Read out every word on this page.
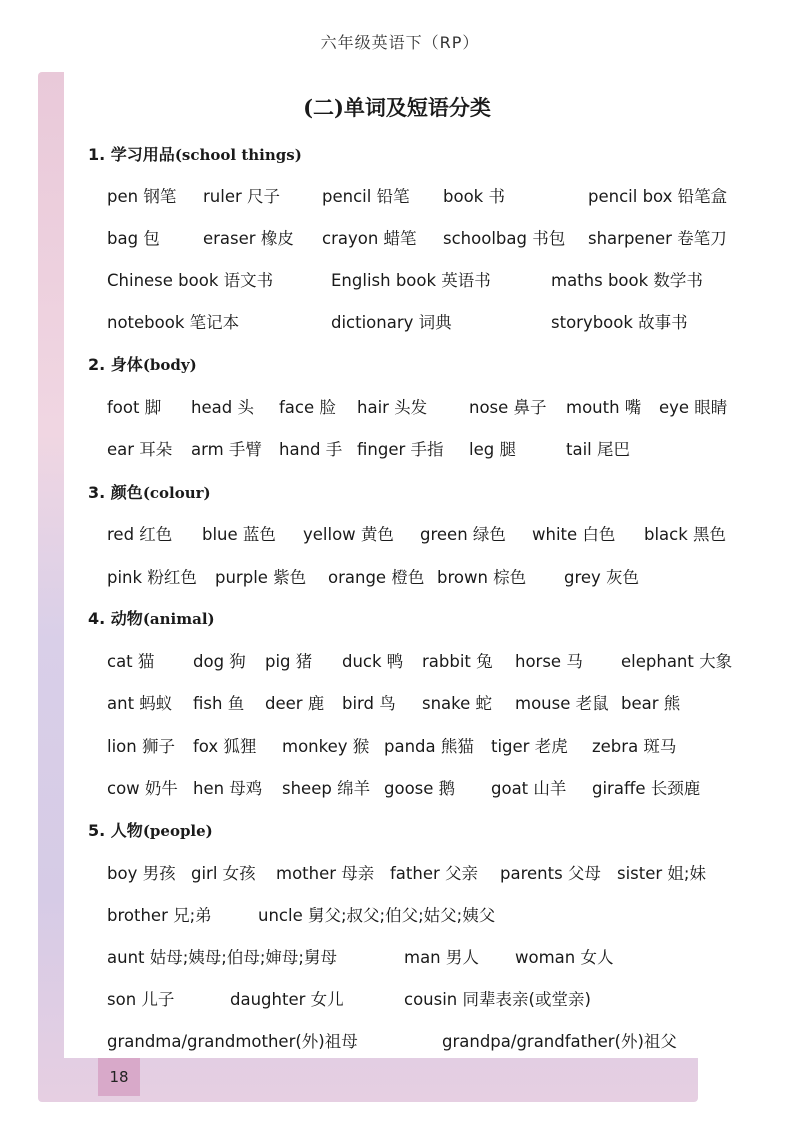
六年级英语下（RP）
18
(二)单词及短语分类
1. 学习用品(school things)
pen 钢笔 ruler 尺子	pencil 铅笔 book 书	pencil box 铅笔盒
bag 包	eraser 橡皮 crayon 蜡笔 schoolbag 书包 sharpener 卷笔刀
Chinese book 语文书	English book 英语书	maths book 数学书
notebook 笔记本	dictionary 词典	storybook 故事书
2. 身体(body)
foot 脚 head 头 face 脸 hair 头发	nose 鼻子 mouth 嘴 eye 眼睛
ear 耳朵 arm 手臂 hand 手 finger 手指 leg 腿	tail 尾巴
3. 颜色(colour)
red 红色 blue 蓝色 yellow 黄色 green 绿色 white 白色 black 黑色
pink 粉红色 purple 紫色 orange 橙色 brown 棕色 grey 灰色
4. 动物(animal)
cat 猫 dog 狗 pig 猪 duck 鸭 rabbit 兔 horse 马 elephant 大象
ant 蚂蚁 fish 鱼 deer 鹿 bird 鸟 snake 蛇 mouse 老鼠 bear 熊
lion 狮子 fox 狐狸 monkey 猴 panda 熊猫 tiger 老虎 zebra 斑马
cow 奶牛 hen 母鸡 sheep 绵羊 goose 鹅 goat 山羊 giraffe 长颈鹿
5. 人物(people)
boy 男孩 girl 女孩 mother 母亲 father 父亲 parents 父母 sister 姐;妹
brother 兄;弟	uncle 舅父;叔父;伯父;姑父;姨父
aunt 姑母;姨母;伯母;婶母;舅母	man 男人 woman 女人
son 儿子	daughter 女儿	cousin 同辈表亲(或堂亲)
grandma/grandmother(外)祖母	grandpa/grandfather(外)祖父
